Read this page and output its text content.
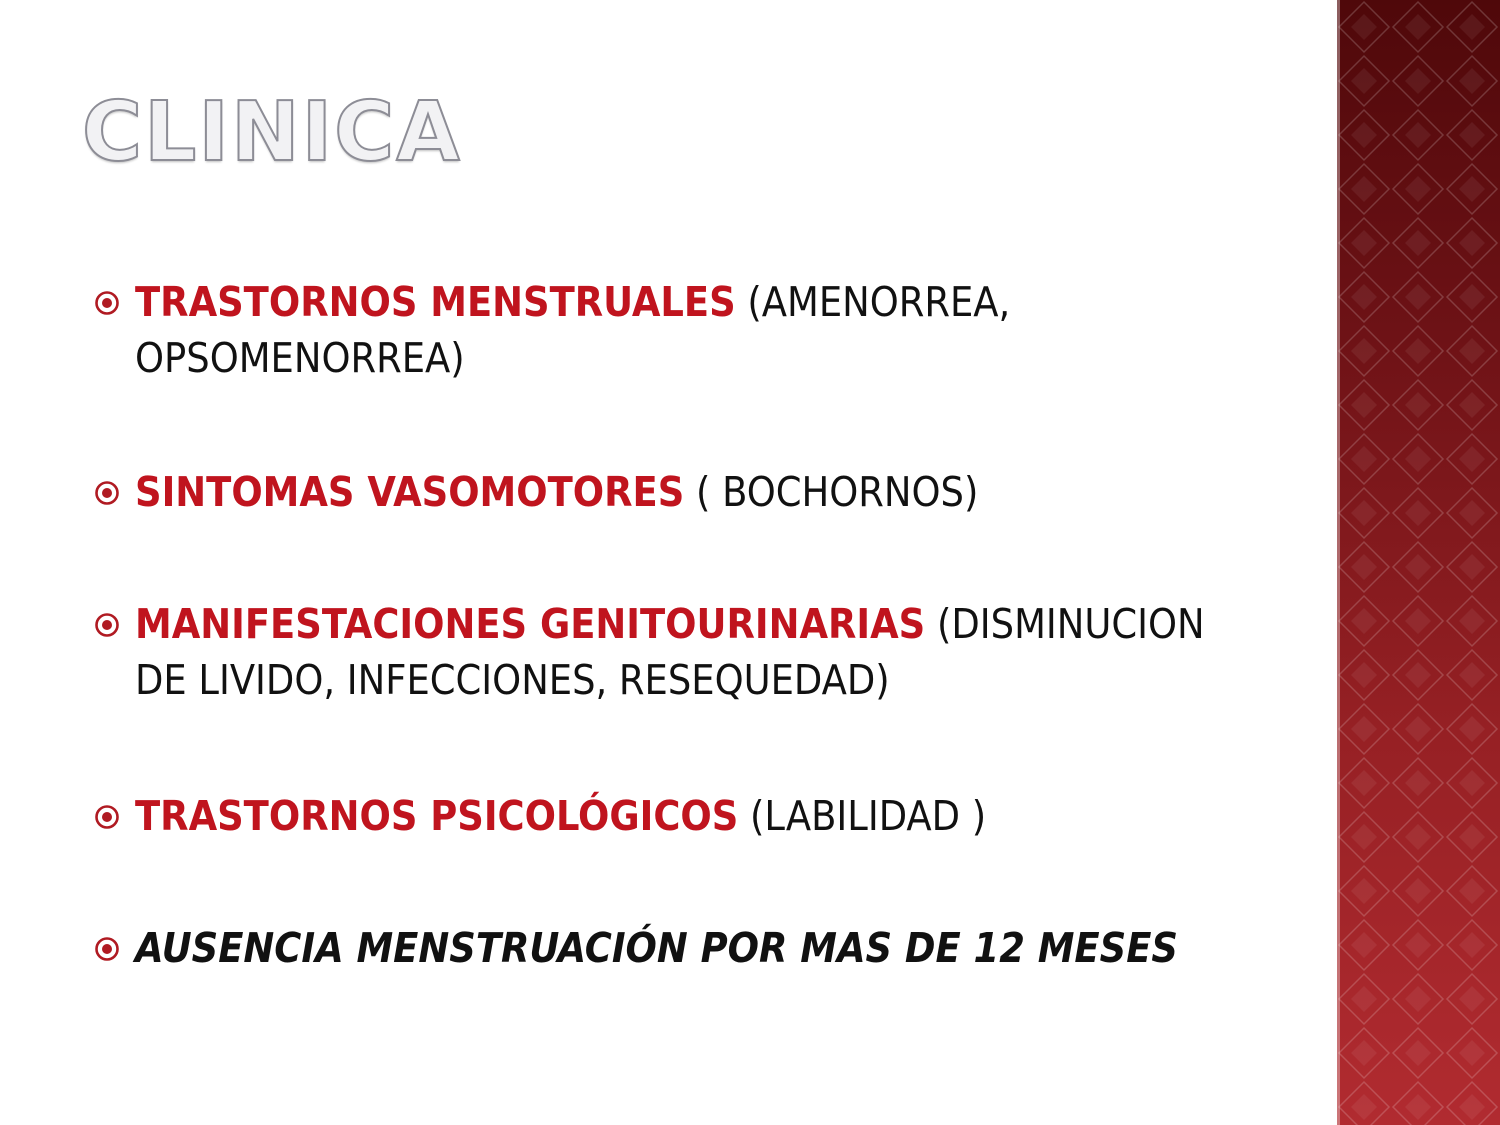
CLINICA
TRASTORNOS MENSTRUALES (AMENORREA, OPSOMENORREA)
SINTOMAS VASOMOTORES ( BOCHORNOS)
MANIFESTACIONES GENITOURINARIAS (DISMINUCION DE LIVIDO, INFECCIONES, RESEQUEDAD)
TRASTORNOS PSICOLÓGICOS (LABILIDAD )
AUSENCIA MENSTRUACIÓN POR MAS DE 12 MESES
